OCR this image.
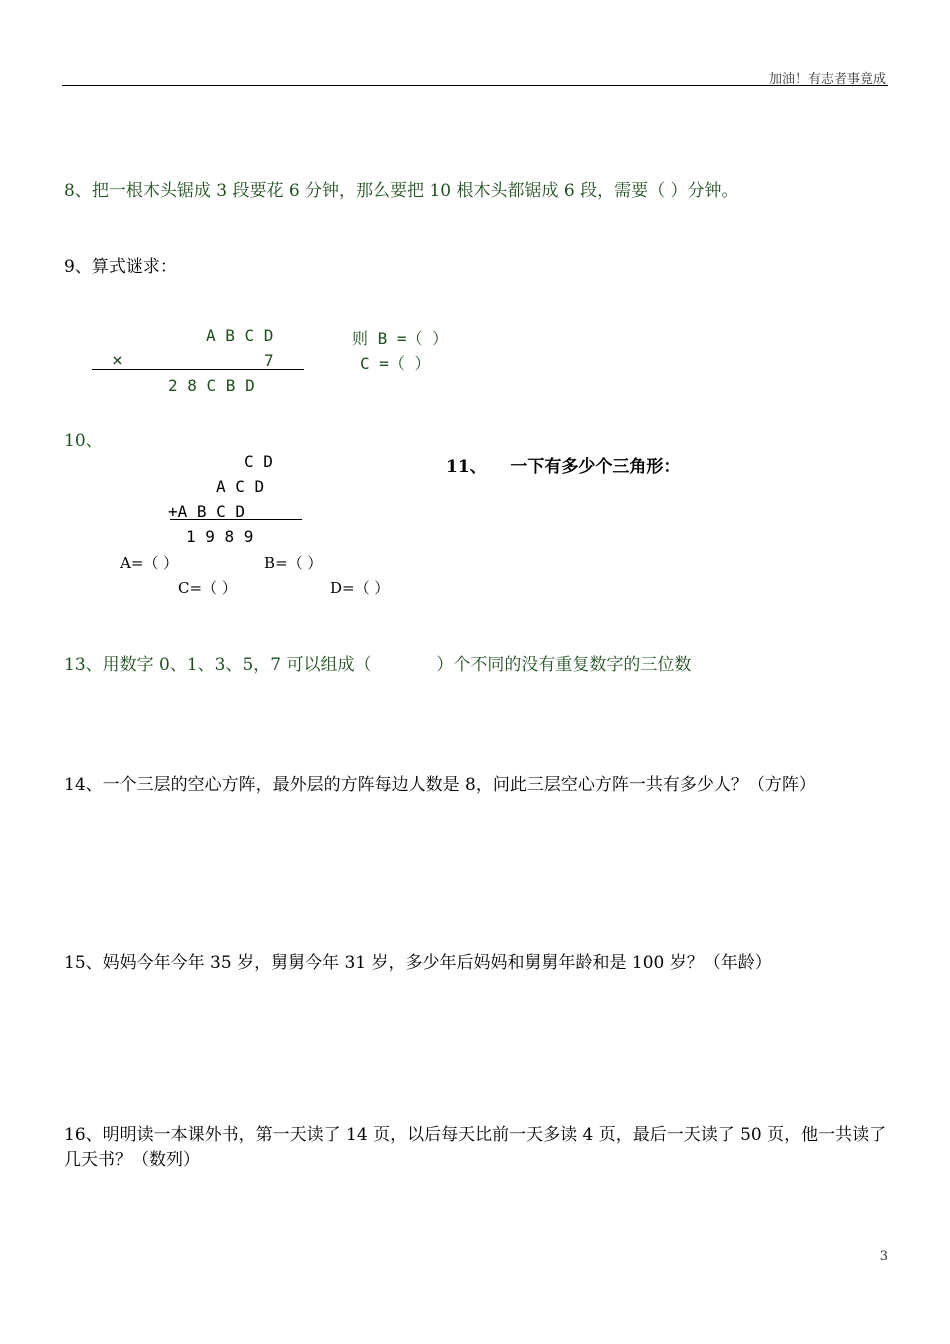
加油！有志者事竟成
8、把一根木头锯成 3 段要花 6 分钟，那么要把 10 根木头都锯成 6 段，需要（ ）分钟。
9、算式谜求：
A B C D
×	7
2 8 C B D
则 B =（ ）
C =（ ）
10、
C D
A C D
+A B C D
1 9 8 9
A=（ ）	B=（ ）
C=（ ）	D=（ ）
11、    一下有多少个三角形：
13、用数字 0、1、3、5，7 可以组成（            ）个不同的没有重复数字的三位数
14、一个三层的空心方阵，最外层的方阵每边人数是 8，问此三层空心方阵一共有多少人？（方阵）
15、妈妈今年今年 35 岁，舅舅今年 31 岁，多少年后妈妈和舅舅年龄和是 100 岁？（年龄）
16、明明读一本课外书，第一天读了 14 页，以后每天比前一天多读 4 页，最后一天读了 50 页，他一共读了几天书？（数列）
3
